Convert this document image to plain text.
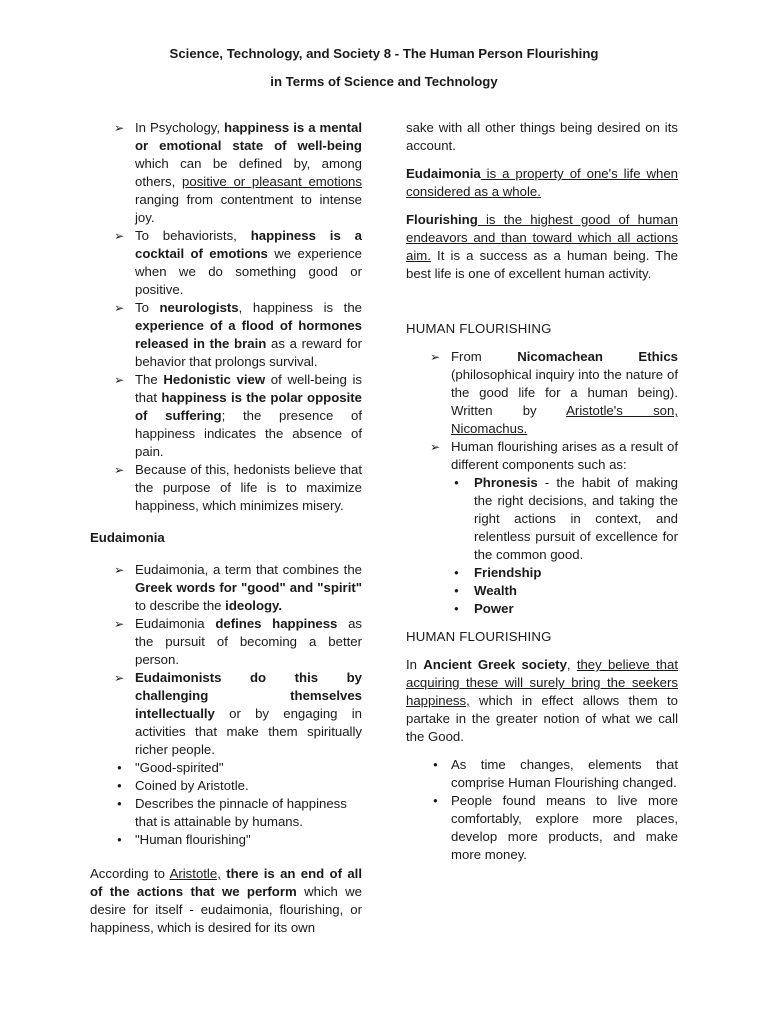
Science, Technology, and Society 8 - The Human Person Flourishing

in Terms of Science and Technology

➢ In Psychology, happiness is a mental or emotional state of well-being which can be defined by, among others, positive or pleasant emotions ranging from contentment to intense joy.
➢ To behaviorists, happiness is a cocktail of emotions we experience when we do something good or positive.
➢ To neurologists, happiness is the experience of a flood of hormones released in the brain as a reward for behavior that prolongs survival.
➢ The Hedonistic view of well-being is that happiness is the polar opposite of suffering; the presence of happiness indicates the absence of pain.
➢ Because of this, hedonists believe that the purpose of life is to maximize happiness, which minimizes misery.

Eudaimonia

➢ Eudaimonia, a term that combines the Greek words for "good" and "spirit" to describe the ideology.
➢ Eudaimonia defines happiness as the pursuit of becoming a better person.
➢ Eudaimonists do this by challenging themselves intellectually or by engaging in activities that make them spiritually richer people.
● "Good-spirited"
● Coined by Aristotle.
● Describes the pinnacle of happiness that is attainable by humans.
● "Human flourishing"

According to Aristotle, there is an end of all of the actions that we perform which we desire for itself - eudaimonia, flourishing, or happiness, which is desired for its own

sake with all other things being desired on its account.

Eudaimonia is a property of one's life when considered as a whole.

Flourishing is the highest good of human endeavors and than toward which all actions aim. It is a success as a human being. The best life is one of excellent human activity.

HUMAN FLOURISHING

➢ From Nicomachean Ethics (philosophical inquiry into the nature of the good life for a human being). Written by Aristotle's son, Nicomachus.
➢ Human flourishing arises as a result of different components such as:
● Phronesis - the habit of making the right decisions, and taking the right actions in context, and relentless pursuit of excellence for the common good.
● Friendship
● Wealth
● Power

HUMAN FLOURISHING

In Ancient Greek society, they believe that acquiring these will surely bring the seekers happiness, which in effect allows them to partake in the greater notion of what we call the Good.

● As time changes, elements that comprise Human Flourishing changed.
● People found means to live more comfortably, explore more places, develop more products, and make more money.
